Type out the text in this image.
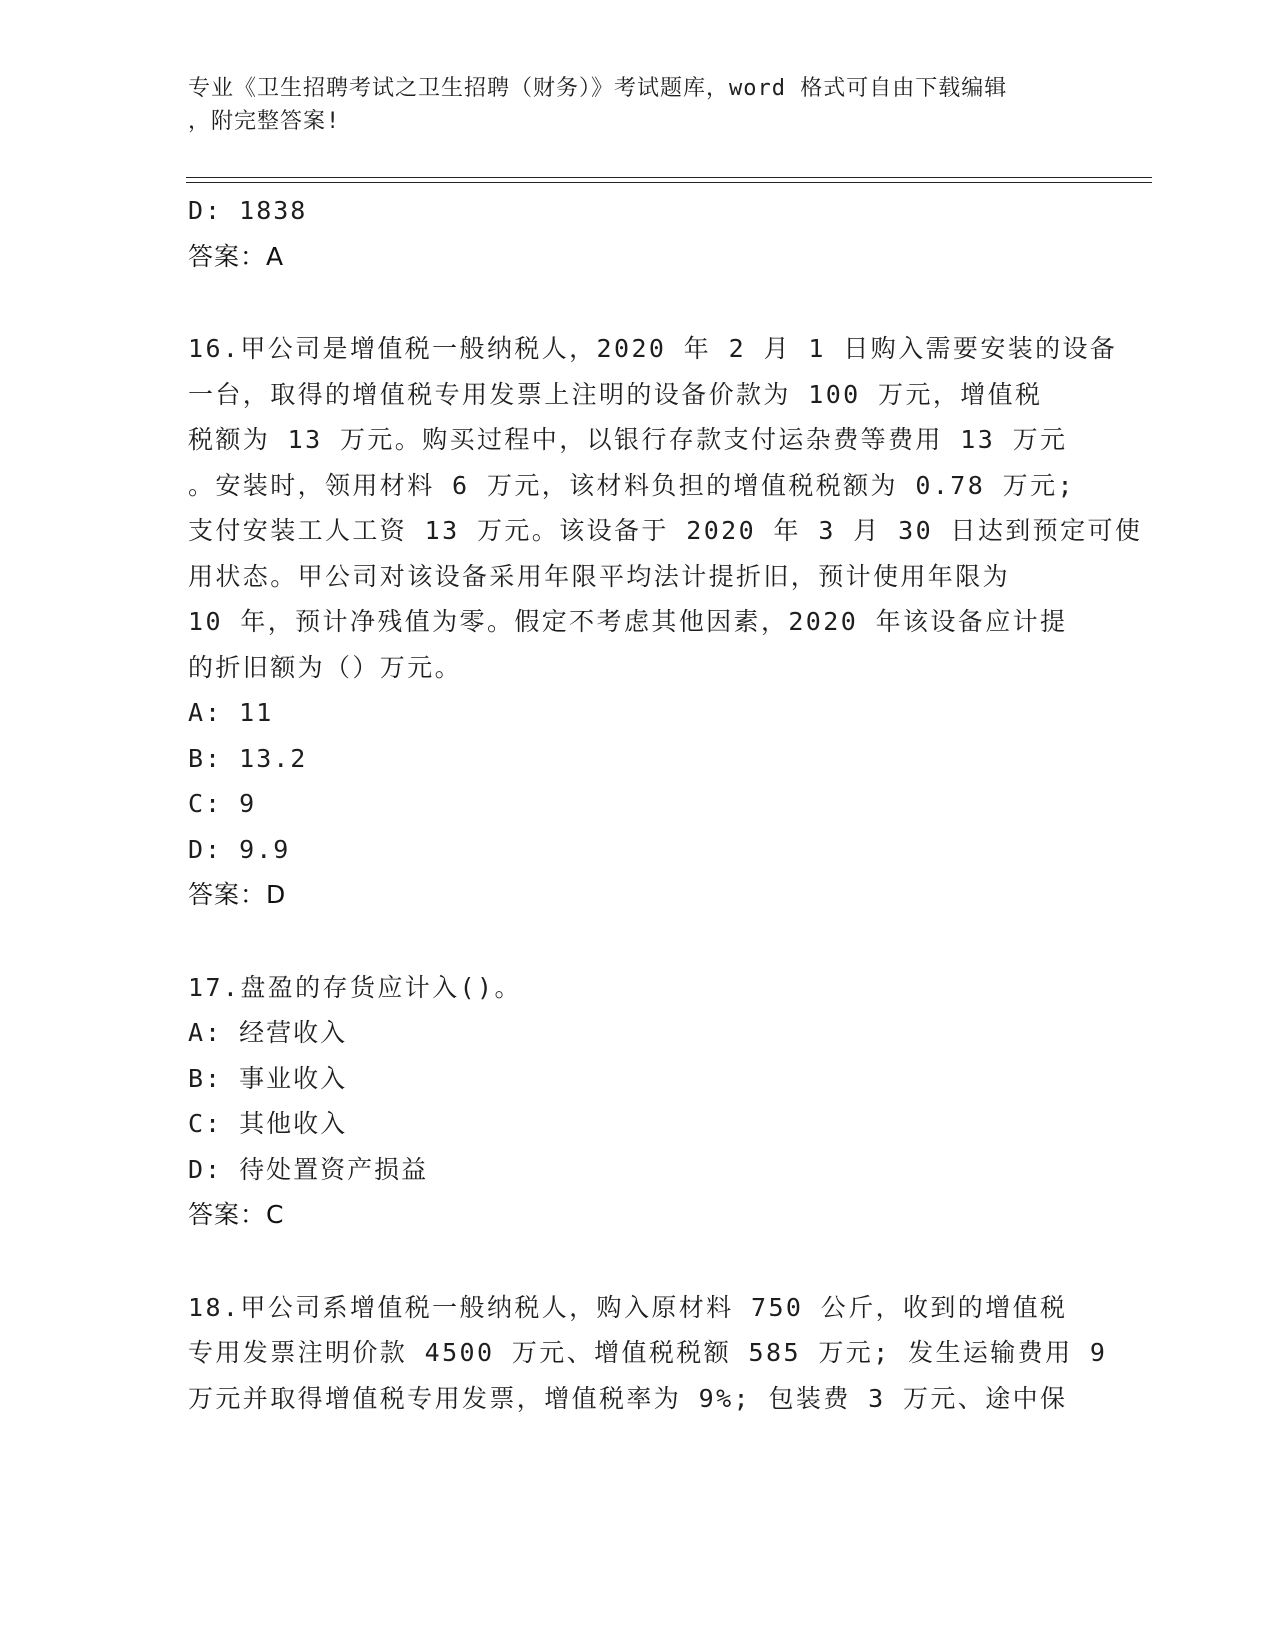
专业《卫生招聘考试之卫生招聘（财务）》考试题库，word 格式可自由下载编辑
，附完整答案!
D: 1838
答案：A
16.甲公司是增值税一般纳税人，2020 年 2 月 1 日购入需要安装的设备
一台，取得的增值税专用发票上注明的设备价款为 100 万元，增值税
税额为 13 万元。购买过程中，以银行存款支付运杂费等费用 13 万元
。安装时，领用材料 6 万元，该材料负担的增值税税额为 0.78 万元;
支付安装工人工资 13 万元。该设备于 2020 年 3 月 30 日达到预定可使
用状态。甲公司对该设备采用年限平均法计提折旧，预计使用年限为
10 年，预计净残值为零。假定不考虑其他因素，2020 年该设备应计提
的折旧额为（）万元。
A: 11
B: 13.2
C: 9
D: 9.9
答案：D
17.盘盈的存货应计入()。
A: 经营收入
B: 事业收入
C: 其他收入
D: 待处置资产损益
答案：C
18.甲公司系增值税一般纳税人，购入原材料 750 公斤，收到的增值税
专用发票注明价款 4500 万元、增值税税额 585 万元; 发生运输费用 9
万元并取得增值税专用发票，增值税率为 9%; 包装费 3 万元、途中保
